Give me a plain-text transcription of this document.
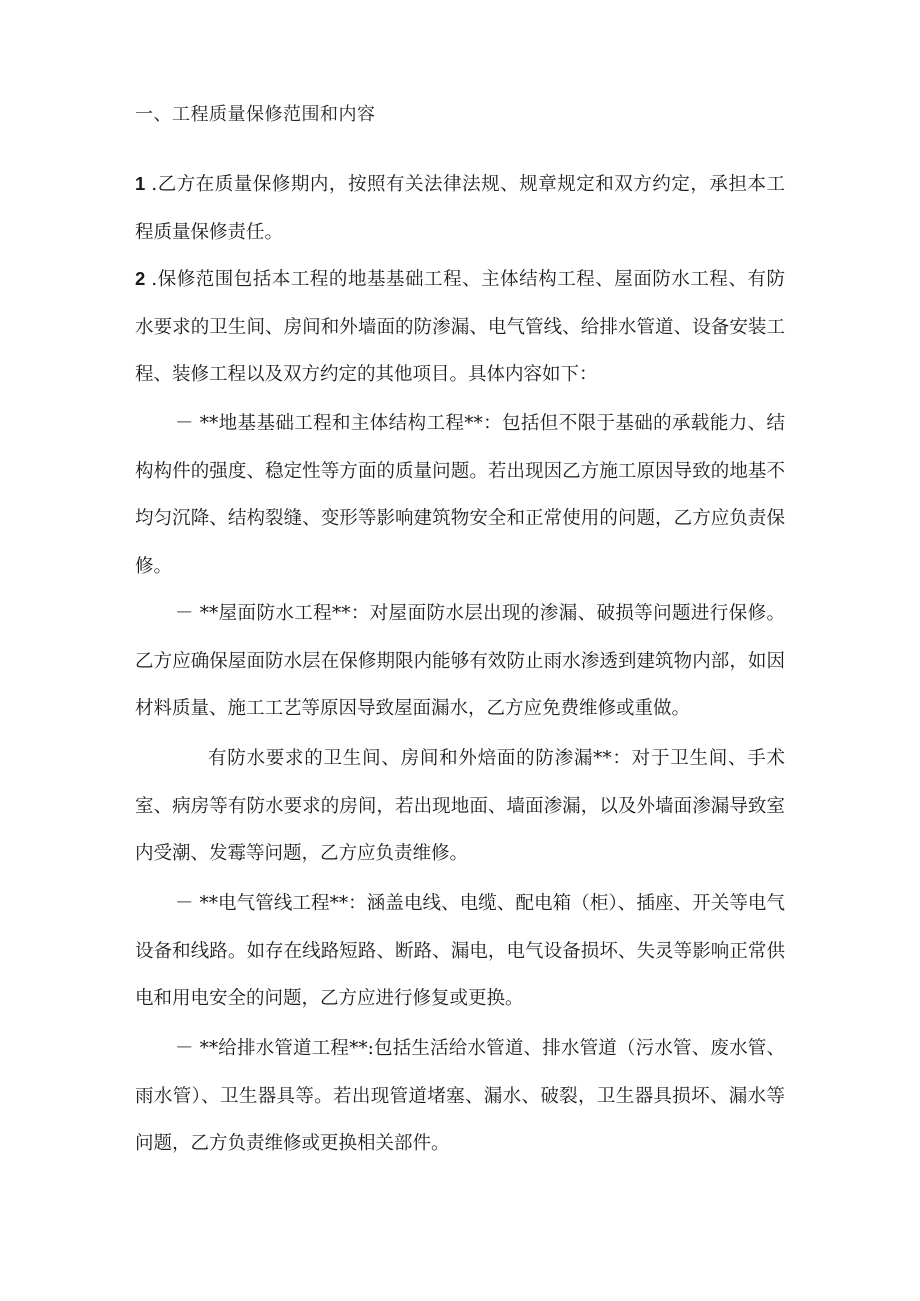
一、工程质量保修范围和内容
1 .乙方在质量保修期内，按照有关法律法规、规章规定和双方约定，承担本工程质量保修责任。
2 .保修范围包括本工程的地基基础工程、主体结构工程、屋面防水工程、有防水要求的卫生间、房间和外墙面的防渗漏、电气管线、给排水管道、设备安装工程、装修工程以及双方约定的其他项目。具体内容如下：
－ **地基基础工程和主体结构工程**：包括但不限于基础的承载能力、结构构件的强度、稳定性等方面的质量问题。若出现因乙方施工原因导致的地基不均匀沉降、结构裂缝、变形等影响建筑物安全和正常使用的问题，乙方应负责保修。
－ **屋面防水工程**：对屋面防水层出现的渗漏、破损等问题进行保修。乙方应确保屋面防水层在保修期限内能够有效防止雨水渗透到建筑物内部，如因材料质量、施工工艺等原因导致屋面漏水，乙方应免费维修或重做。
有防水要求的卫生间、房间和外焙面的防渗漏**：对于卫生间、手术室、病房等有防水要求的房间，若出现地面、墙面渗漏，以及外墙面渗漏导致室内受潮、发霉等问题，乙方应负责维修。
－ **电气管线工程**：涵盖电线、电缆、配电箱（柜）、插座、开关等电气设备和线路。如存在线路短路、断路、漏电，电气设备损坏、失灵等影响正常供电和用电安全的问题，乙方应进行修复或更换。
－ **给排水管道工程**:包括生活给水管道、排水管道（污水管、废水管、雨水管）、卫生器具等。若出现管道堵塞、漏水、破裂，卫生器具损坏、漏水等问题，乙方负责维修或更换相关部件。
